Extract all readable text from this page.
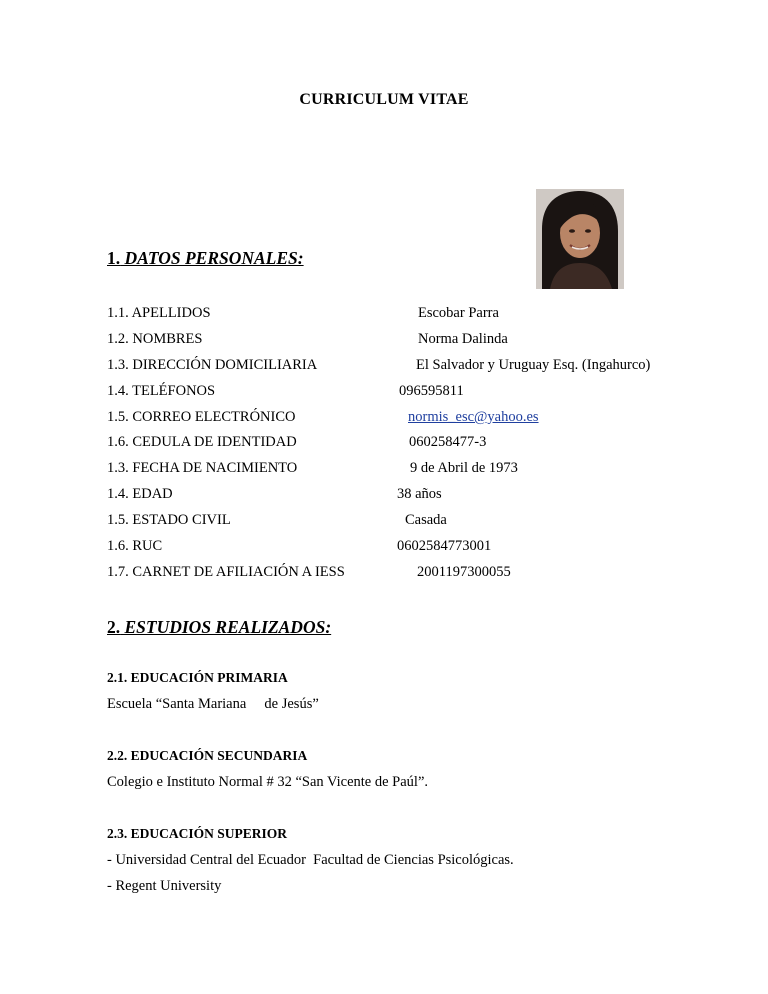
CURRICULUM VITAE
1. DATOS PERSONALES:
1.1. APELLIDOS	Escobar Parra
1.2. NOMBRES	Norma Dalinda
1.3. DIRECCIÓN DOMICILIARIA	El Salvador y Uruguay Esq. (Ingahurco)
1.4. TELÉFONOS	096595811
1.5. CORREO ELECTRÓNICO	normis_esc@yahoo.es
1.6. CEDULA DE IDENTIDAD	060258477-3
1.3. FECHA DE NACIMIENTO	9 de Abril de 1973
1.4. EDAD	38 años
1.5. ESTADO CIVIL	Casada
1.6. RUC	0602584773001
1.7. CARNET DE AFILIACIÓN A IESS	2001197300055
2. ESTUDIOS REALIZADOS:
2.1. EDUCACIÓN PRIMARIA
Escuela “Santa Mariana     de Jesús”
2.2. EDUCACIÓN SECUNDARIA
Colegio e Instituto Normal # 32 “San Vicente de Paúl”.
2.3. EDUCACIÓN SUPERIOR
- Universidad Central del Ecuador  Facultad de Ciencias Psicológicas.
- Regent University
